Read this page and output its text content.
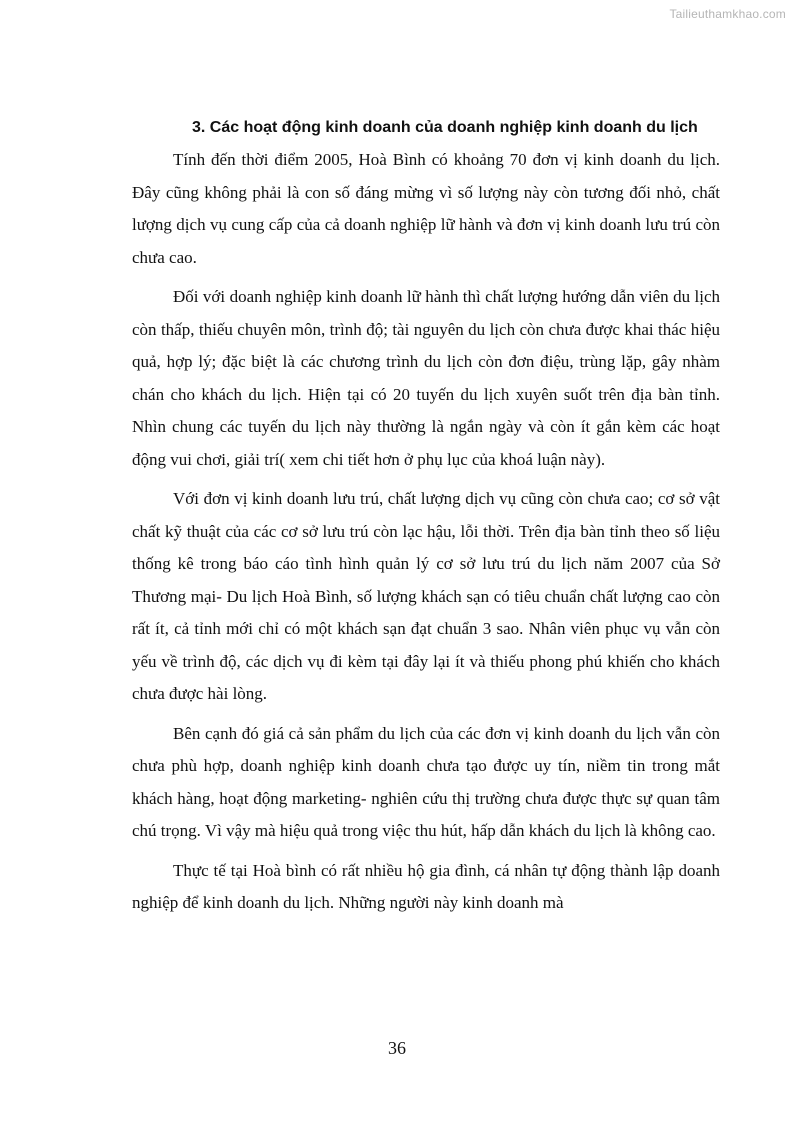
Tailieuthamkhao.com
3. Các hoạt động kinh doanh của doanh nghiệp kinh doanh du lịch

Tính đến thời điểm 2005, Hoà Bình có khoảng 70 đơn vị kinh doanh du lịch. Đây cũng không phải là con số đáng mừng vì số lượng này còn tương đối nhỏ, chất lượng dịch vụ cung cấp của cả doanh nghiệp lữ hành và đơn vị kinh doanh lưu trú còn chưa cao.

Đối với doanh nghiệp kinh doanh lữ hành thì chất lượng hướng dẫn viên du lịch còn thấp, thiếu chuyên môn, trình độ; tài nguyên du lịch còn chưa được khai thác hiệu quả, hợp lý; đặc biệt là các chương trình du lịch còn đơn điệu, trùng lặp, gây nhàm chán cho khách du lịch. Hiện tại có 20 tuyến du lịch xuyên suốt trên địa bàn tỉnh. Nhìn chung các tuyến du lịch này thường là ngắn ngày và còn ít gắn kèm các hoạt động vui chơi, giải trí( xem chi tiết hơn ở phụ lục của khoá luận này).

Với đơn vị kinh doanh lưu trú, chất lượng dịch vụ cũng còn chưa cao; cơ sở vật chất kỹ thuật của các cơ sở lưu trú còn lạc hậu, lỗi thời. Trên địa bàn tỉnh theo số liệu thống kê trong báo cáo tình hình quản lý cơ sở lưu trú du lịch năm 2007 của Sở Thương mại- Du lịch Hoà Bình, số lượng khách sạn có tiêu chuẩn chất lượng cao còn rất ít, cả tỉnh mới chỉ có một khách sạn đạt chuẩn 3 sao. Nhân viên phục vụ vẫn còn yếu về trình độ, các dịch vụ đi kèm tại đây lại ít và thiếu phong phú khiến cho khách chưa được hài lòng.

Bên cạnh đó giá cả sản phẩm du lịch của các đơn vị kinh doanh du lịch vẫn còn chưa phù hợp, doanh nghiệp kinh doanh chưa tạo được uy tín, niềm tin trong mắt khách hàng, hoạt động marketing- nghiên cứu thị trường chưa được thực sự quan tâm chú trọng. Vì vậy mà hiệu quả trong việc thu hút, hấp dẫn khách du lịch là không cao.

Thực tế tại Hoà bình có rất nhiều hộ gia đình, cá nhân tự động thành lập doanh nghiệp để kinh doanh du lịch. Những người này kinh doanh mà

36
